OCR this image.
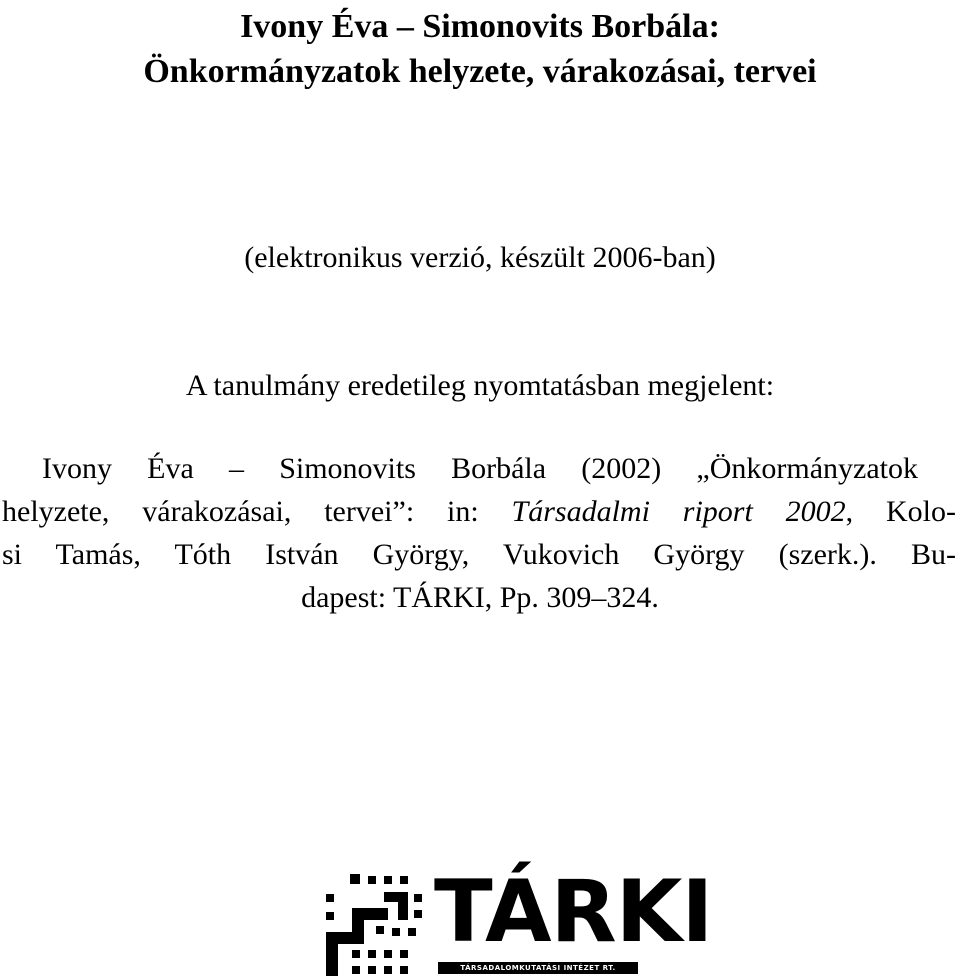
Ivony Éva – Simonovits Borbála:
Önkormányzatok helyzete, várakozásai, tervei
(elektronikus verzió, készült 2006-ban)
A tanulmány eredetileg nyomtatásban megjelent:
Ivony Éva – Simonovits Borbála (2002) „Önkormányzatok
helyzete, várakozásai, tervei”: in: Társadalmi riport 2002, Kolo-
si Tamás, Tóth István György, Vukovich György (szerk.). Bu-
dapest: TÁRKI, Pp. 309–324.
TÁRKI
TÁRSADALOMKUTATÁSI INTÉZET RT.
